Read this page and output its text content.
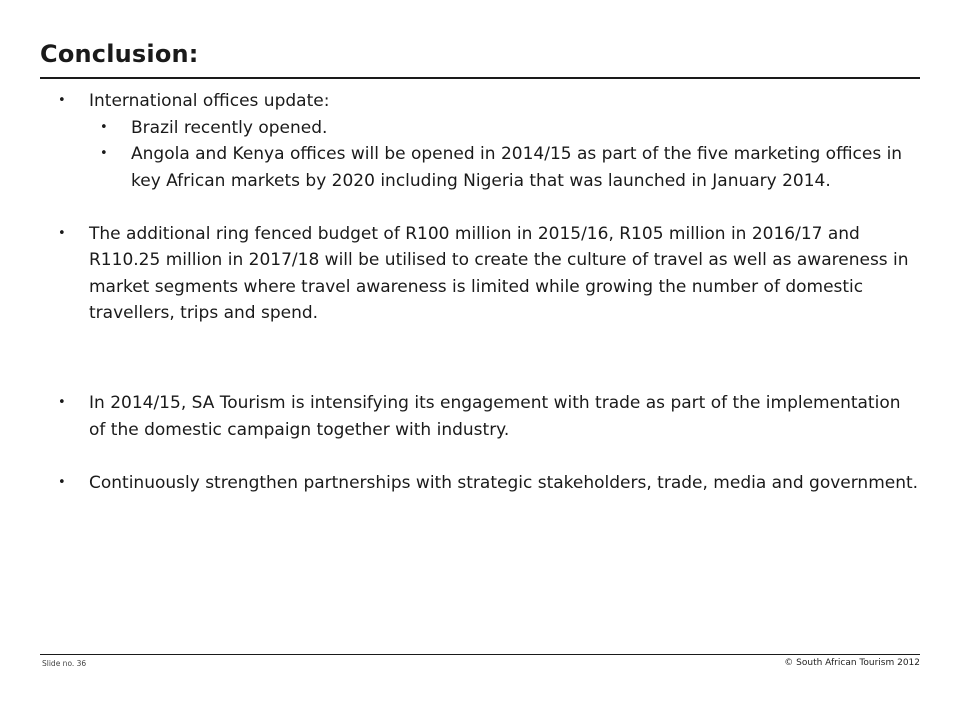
Conclusion:
•	International offices update:
•	Brazil recently opened.
•	Angola and Kenya offices will be opened in 2014/15 as part of the five marketing offices in key African markets by 2020 including Nigeria that was launched in January 2014.
•	The additional ring fenced budget of R100 million in 2015/16, R105 million in 2016/17 and R110.25 million in 2017/18 will be utilised to create the culture of travel as well as awareness in market segments where travel awareness is limited while growing the number of domestic travellers, trips and spend.
•	In 2014/15, SA Tourism is intensifying its engagement with trade as part of the implementation of the domestic campaign together with industry.
•	Continuously strengthen partnerships with strategic stakeholders, trade, media and government.
Slide no. 36	© South African Tourism 2012
